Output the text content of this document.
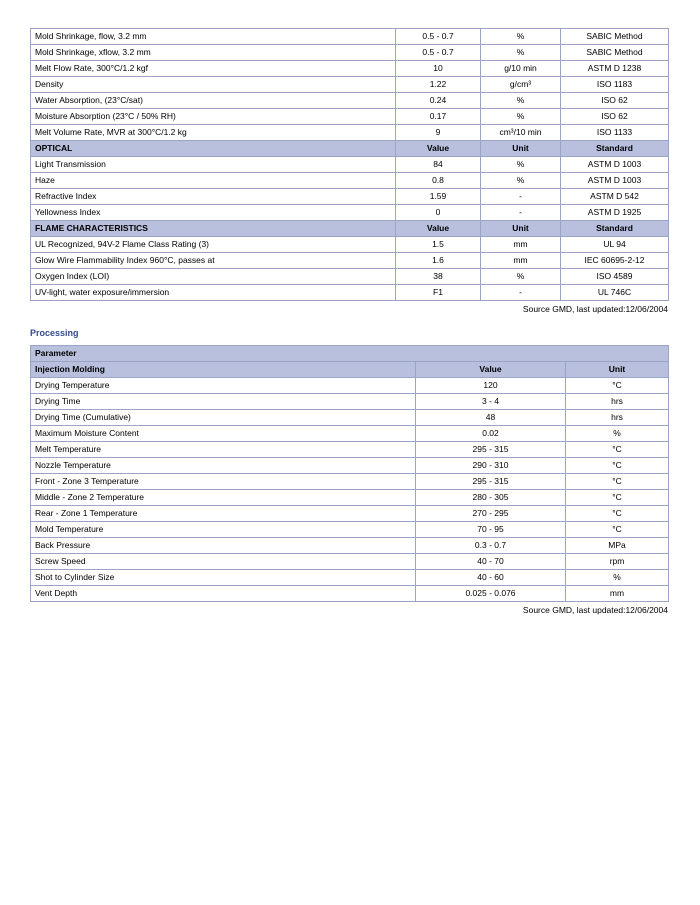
Mold Shrinkage, flow, 3.2 mm	0.5 - 0.7	%	SABIC Method
Mold Shrinkage, xflow, 3.2 mm	0.5 - 0.7	%	SABIC Method
Melt Flow Rate, 300°C/1.2 kgf	10	g/10 min	ASTM D 1238
Density	1.22	g/cm³	ISO 1183
Water Absorption, (23°C/sat)	0.24	%	ISO 62
Moisture Absorption (23°C / 50% RH)	0.17	%	ISO 62
Melt Volume Rate, MVR at 300°C/1.2 kg	9	cm³/10 min	ISO 1133
OPTICAL	Value	Unit	Standard
Light Transmission	84	%	ASTM D 1003
Haze	0.8	%	ASTM D 1003
Refractive Index	1.59	-	ASTM D 542
Yellowness Index	0	-	ASTM D 1925
FLAME CHARACTERISTICS	Value	Unit	Standard
UL Recognized, 94V-2 Flame Class Rating (3)	1.5	mm	UL 94
Glow Wire Flammability Index 960°C, passes at	1.6	mm	IEC 60695-2-12
Oxygen Index (LOI)	38	%	ISO 4589
UV-light, water exposure/immersion	F1	-	UL 746C
Source GMD, last updated:12/06/2004
Processing
Parameter		
Injection Molding	Value	Unit
Drying Temperature	120	°C
Drying Time	3 - 4	hrs
Drying Time (Cumulative)	48	hrs
Maximum Moisture Content	0.02	%
Melt Temperature	295 - 315	°C
Nozzle Temperature	290 - 310	°C
Front - Zone 3 Temperature	295 - 315	°C
Middle - Zone 2 Temperature	280 - 305	°C
Rear - Zone 1 Temperature	270 - 295	°C
Mold Temperature	70 - 95	°C
Back Pressure	0.3 - 0.7	MPa
Screw Speed	40 - 70	rpm
Shot to Cylinder Size	40 - 60	%
Vent Depth	0.025 - 0.076	mm
Source GMD, last updated:12/06/2004
